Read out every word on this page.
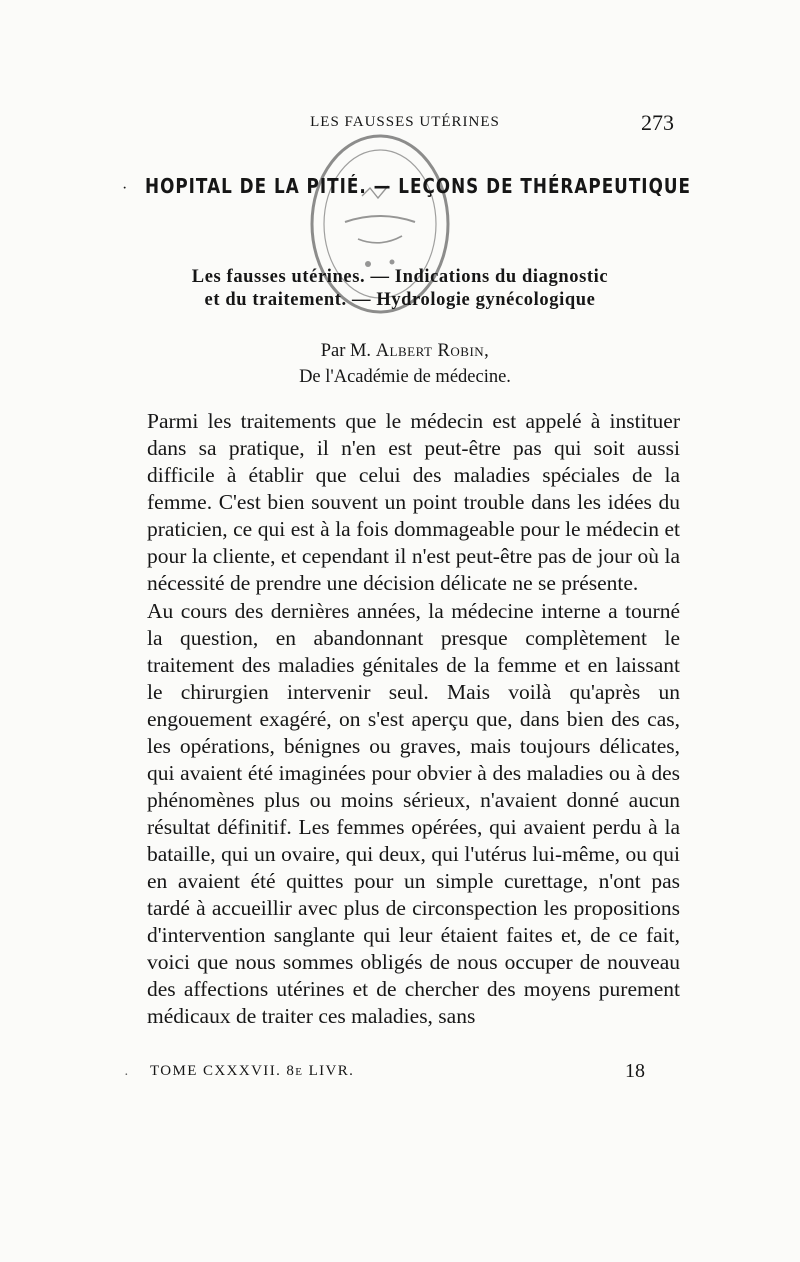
LES FAUSSES UTÉRINES	273
· HOPITAL DE LA PITIÉ. — LEÇONS DE THÉRAPEUTIQUE
Les fausses utérines. — Indications du diagnostic
et du traitement. — Hydrologie gynécologique
Par M. Albert Robin,
De l'Académie de médecine.

Parmi les traitements que le médecin est appelé à instituer dans sa pratique, il n'en est peut-être pas qui soit aussi difficile à établir que celui des maladies spéciales de la femme. C'est bien souvent un point trouble dans les idées du praticien, ce qui est à la fois dommageable pour le médecin et pour la cliente, et cependant il n'est peut-être pas de jour où la nécessité de prendre une décision délicate ne se présente.

Au cours des dernières années, la médecine interne a tourné la question, en abandonnant presque complètement le traitement des maladies génitales de la femme et en laissant le chirurgien intervenir seul. Mais voilà qu'après un engouement exagéré, on s'est aperçu que, dans bien des cas, les opérations, bénignes ou graves, mais toujours délicates, qui avaient été imaginées pour obvier à des maladies ou à des phénomènes plus ou moins sérieux, n'avaient donné aucun résultat définitif. Les femmes opérées, qui avaient perdu à la bataille, qui un ovaire, qui deux, qui l'utérus lui-même, ou qui en avaient été quittes pour un simple curettage, n'ont pas tardé à accueillir avec plus de circonspection les propositions d'intervention sanglante qui leur étaient faites et, de ce fait, voici que nous sommes obligés de nous occuper de nouveau des affections utérines et de chercher des moyens purement médicaux de traiter ces maladies, sans

TOME CXXXVII. 8e LIVR.	18
·
